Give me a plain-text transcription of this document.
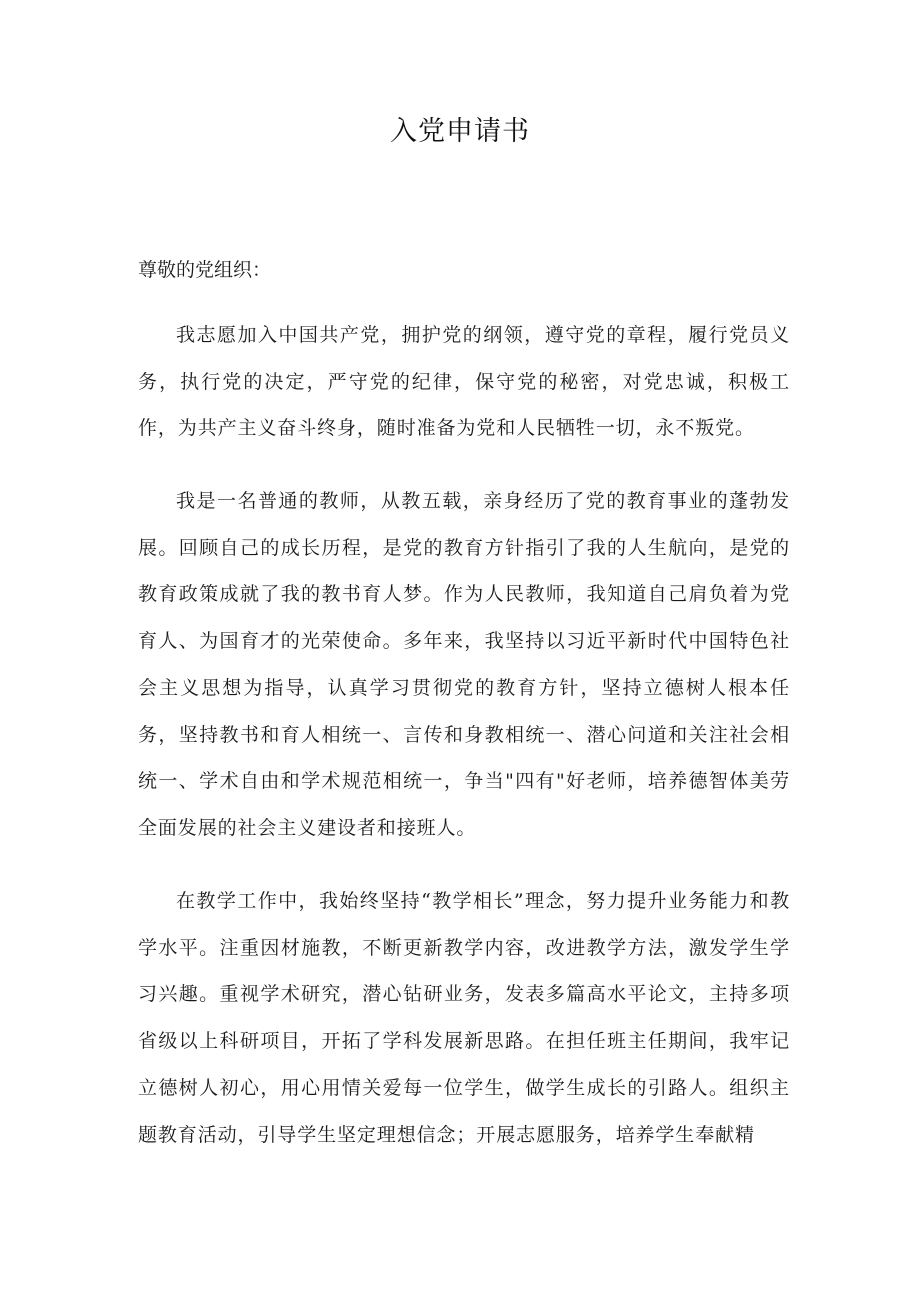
入党申请书
尊敬的党组织：

我志愿加入中国共产党，拥护党的纲领，遵守党的章程，履行党员义务，执行党的决定，严守党的纪律，保守党的秘密，对党忠诚，积极工作，为共产主义奋斗终身，随时准备为党和人民牺牲一切，永不叛党。

我是一名普通的教师，从教五载，亲身经历了党的教育事业的蓬勃发展。回顾自己的成长历程，是党的教育方针指引了我的人生航向，是党的教育政策成就了我的教书育人梦。作为人民教师，我知道自己肩负着为党育人、为国育才的光荣使命。多年来，我坚持以习近平新时代中国特色社会主义思想为指导，认真学习贯彻党的教育方针，坚持立德树人根本任务，坚持教书和育人相统一、言传和身教相统一、潜心问道和关注社会相统一、学术自由和学术规范相统一，争当"四有"好老师，培养德智体美劳全面发展的社会主义建设者和接班人。

在教学工作中，我始终坚持“教学相长”理念，努力提升业务能力和教学水平。注重因材施教，不断更新教学内容，改进教学方法，激发学生学习兴趣。重视学术研究，潜心钻研业务，发表多篇高水平论文，主持多项省级以上科研项目，开拓了学科发展新思路。在担任班主任期间，我牢记立德树人初心，用心用情关爱每一位学生，做学生成长的引路人。组织主题教育活动，引导学生坚定理想信念；开展志愿服务，培养学生奉献精
